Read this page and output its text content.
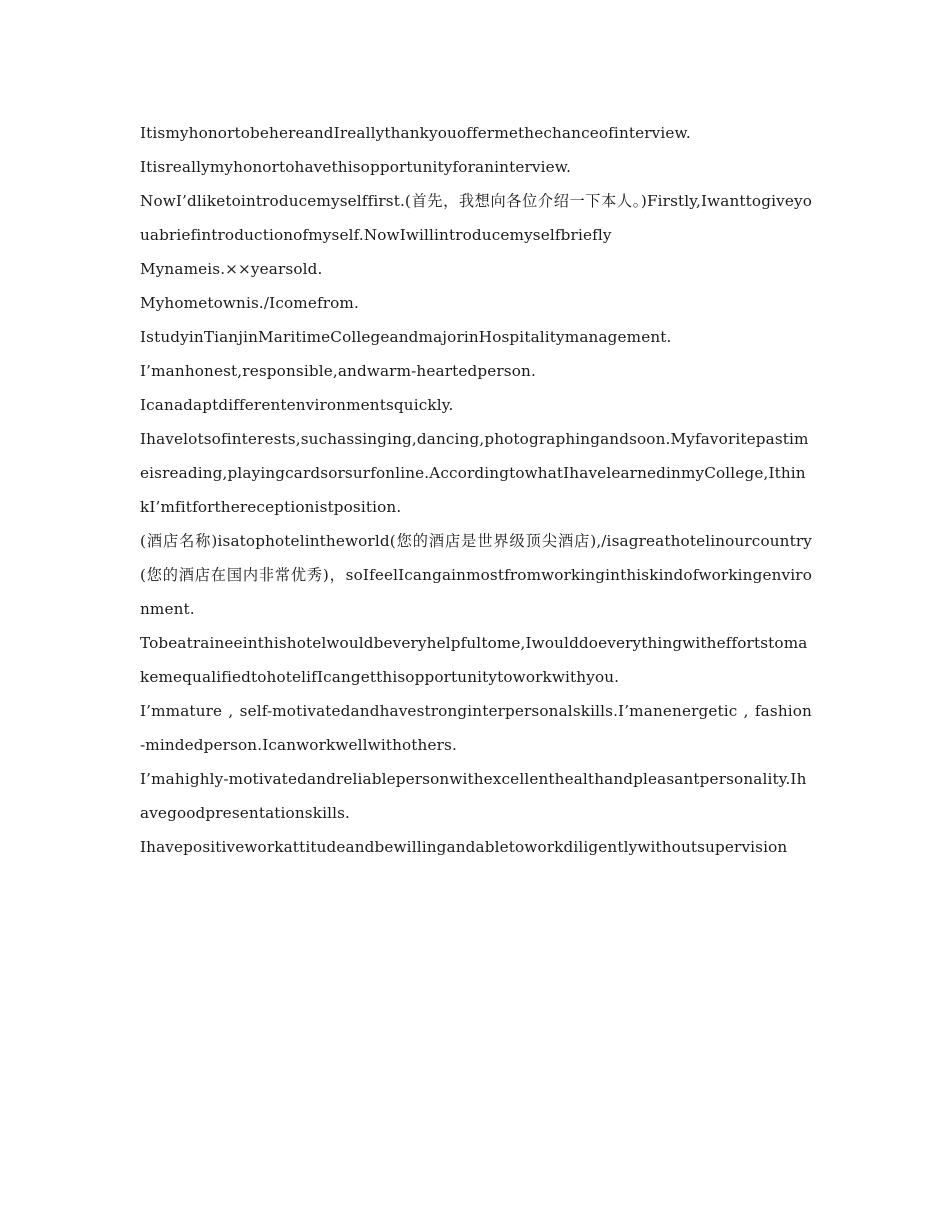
ItismyhonortobehereandIreallythankyouoffermethechanceofinterview.

Itisreallymyhonortohavethisopportunityforaninterview.

NowI’dliketointroducemyselffirst.(首先，我想向各位介绍一下本人。)Firstly,Iwanttogiveyouabriefintroductionofmyself.NowIwillintroducemyselfbriefly

Mynameis.××yearsold.

Myhometownis./Icomefrom.

IstudyinTianjinMaritimeCollegeandmajorinHospitalitymanagement.

I’manhonest,responsible,andwarm-heartedperson.

Icanadaptdifferentenvironmentsquickly.

Ihavelotsofinterests,suchassinging,dancing,photographingandsoon.Myfavoritepastimeisreading,playingcardsorsurfonline.AccordingtowhatIhavelearnedinmyCollege,IthinkI’mfitforthereceptionistposition.

(酒店名称)isatophotelintheworld(您的酒店是世界级顶尖酒店),/isagreathotelinourcountry(您的酒店在国内非常优秀)，soIfeelIcangainmostfromworkinginthiskindofworkingenvironment.

Tobeatraineeinthishotelwouldbeveryhelpfultome,IwoulddoeverythingwitheffortstomakemequalifiedtohotelifIcangetthisopportunitytoworkwithyou.

I’mmature , self-motivatedandhavestronginterpersonalskills.I’manenergetic , fashion-mindedperson.Icanworkwellwithothers.

I’mahighly-motivatedandreliablepersonwithexcellenthealthandpleasantpersonality.Ihavegoodpresentationskills.

Ihavepositiveworkattitudeandbewillingandabletoworkdiligentlywithoutsupervision
